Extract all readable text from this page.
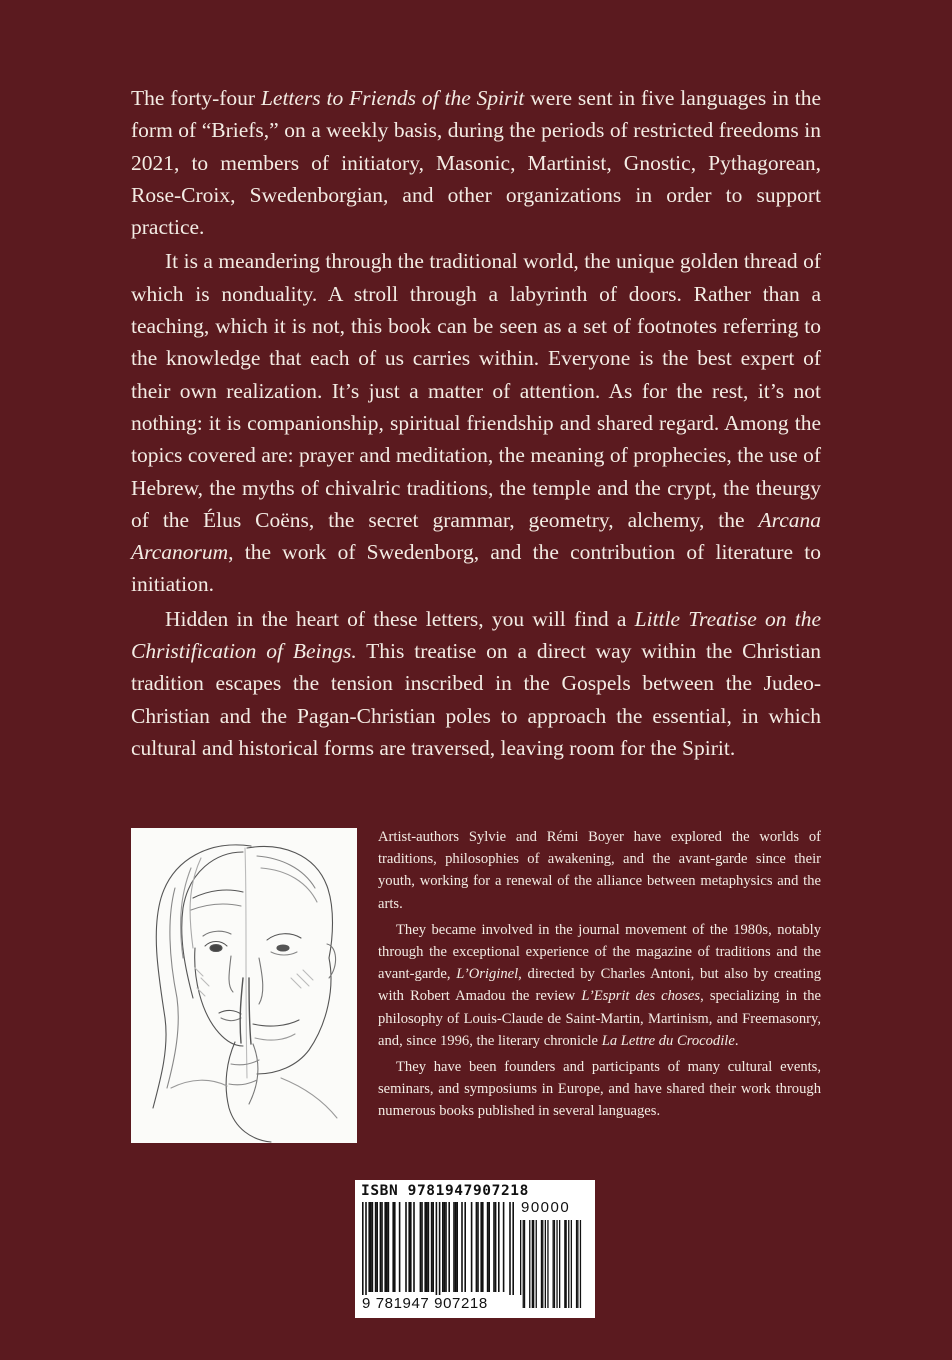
The forty-four Letters to Friends of the Spirit were sent in five languages in the form of “Briefs,” on a weekly basis, during the periods of restricted freedoms in 2021, to members of initiatory, Masonic, Martinist, Gnostic, Pythagorean, Rose-Croix, Swedenborgian, and other organizations in order to support practice.

It is a meandering through the traditional world, the unique golden thread of which is nonduality. A stroll through a labyrinth of doors. Rather than a teaching, which it is not, this book can be seen as a set of footnotes referring to the knowledge that each of us carries within. Everyone is the best expert of their own realization. It’s just a matter of attention. As for the rest, it’s not nothing: it is companionship, spiritual friendship and shared regard. Among the topics covered are: prayer and meditation, the meaning of prophecies, the use of Hebrew, the myths of chivalric traditions, the temple and the crypt, the theurgy of the Élus Coëns, the secret grammar, geometry, alchemy, the Arcana Arcanorum, the work of Swedenborg, and the contribution of literature to initiation.

Hidden in the heart of these letters, you will find a Little Treatise on the Christification of Beings. This treatise on a direct way within the Christian tradition escapes the tension inscribed in the Gospels between the Judeo-Christian and the Pagan-Christian poles to approach the essential, in which cultural and historical forms are traversed, leaving room for the Spirit.

Artist-authors Sylvie and Rémi Boyer have explored the worlds of traditions, philosophies of awakening, and the avant-garde since their youth, working for a renewal of the alliance between metaphysics and the arts.

They became involved in the journal movement of the 1980s, notably through the exceptional experience of the magazine of traditions and the avant-garde, L’Originel, directed by Charles Antoni, but also by creating with Robert Amadou the review L’Esprit des choses, specializing in the philosophy of Louis-Claude de Saint-Martin, Martinism, and Freemasonry, and, since 1996, the literary chronicle La Lettre du Crocodile.

They have been founders and participants of many cultural events, seminars, and symposiums in Europe, and have shared their work through numerous books published in several languages.

ISBN 9781947907218
90000
9 781947 907218
